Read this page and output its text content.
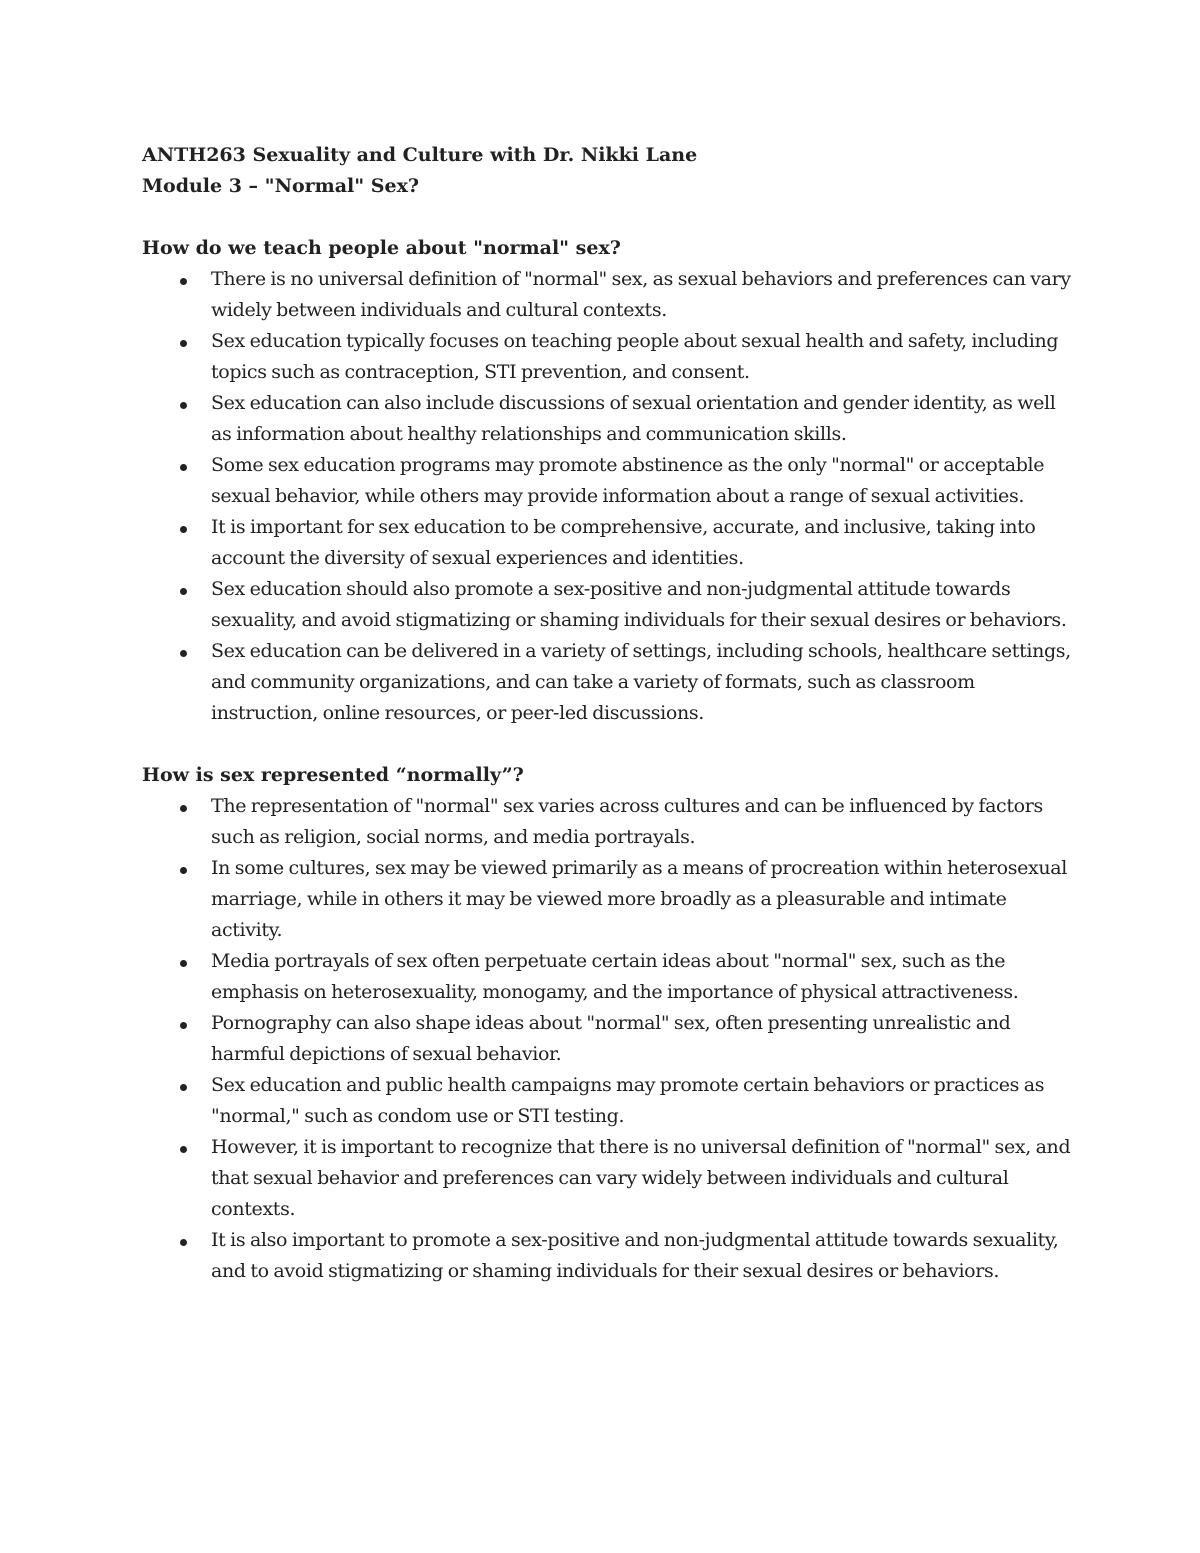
ANTH263 Sexuality and Culture with Dr. Nikki Lane

Module 3 – "Normal" Sex?

How do we teach people about "normal" sex?

There is no universal definition of "normal" sex, as sexual behaviors and preferences can vary widely between individuals and cultural contexts.
Sex education typically focuses on teaching people about sexual health and safety, including topics such as contraception, STI prevention, and consent.
Sex education can also include discussions of sexual orientation and gender identity, as well as information about healthy relationships and communication skills.
Some sex education programs may promote abstinence as the only "normal" or acceptable sexual behavior, while others may provide information about a range of sexual activities.
It is important for sex education to be comprehensive, accurate, and inclusive, taking into account the diversity of sexual experiences and identities.
Sex education should also promote a sex-positive and non-judgmental attitude towards sexuality, and avoid stigmatizing or shaming individuals for their sexual desires or behaviors.
Sex education can be delivered in a variety of settings, including schools, healthcare settings, and community organizations, and can take a variety of formats, such as classroom instruction, online resources, or peer-led discussions.

How is sex represented “normally”?

The representation of "normal" sex varies across cultures and can be influenced by factors such as religion, social norms, and media portrayals.
In some cultures, sex may be viewed primarily as a means of procreation within heterosexual marriage, while in others it may be viewed more broadly as a pleasurable and intimate activity.
Media portrayals of sex often perpetuate certain ideas about "normal" sex, such as the emphasis on heterosexuality, monogamy, and the importance of physical attractiveness.
Pornography can also shape ideas about "normal" sex, often presenting unrealistic and harmful depictions of sexual behavior.
Sex education and public health campaigns may promote certain behaviors or practices as "normal," such as condom use or STI testing.
However, it is important to recognize that there is no universal definition of "normal" sex, and that sexual behavior and preferences can vary widely between individuals and cultural contexts.
It is also important to promote a sex-positive and non-judgmental attitude towards sexuality, and to avoid stigmatizing or shaming individuals for their sexual desires or behaviors.
